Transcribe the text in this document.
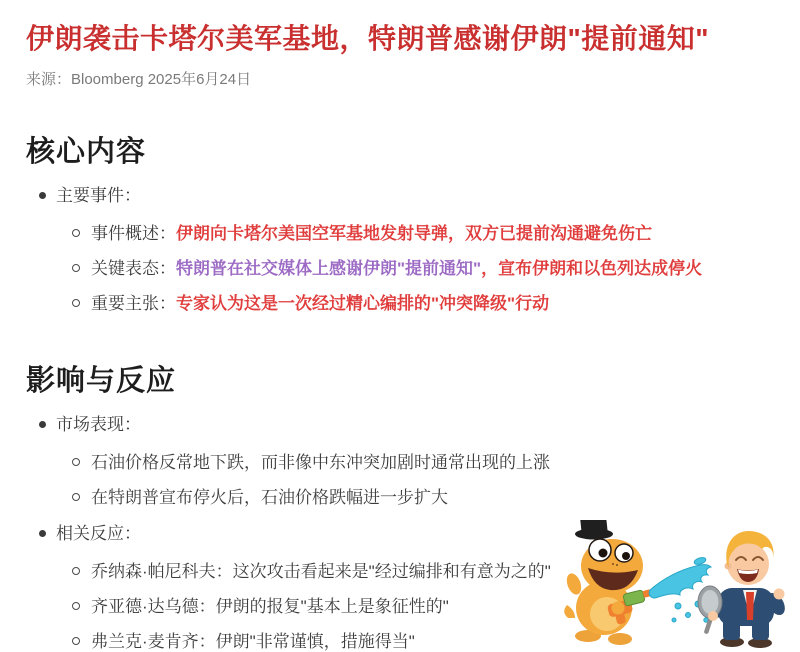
伊朗袭击卡塔尔美军基地，特朗普感谢伊朗"提前通知"

来源：Bloomberg 2025年6月24日

核心内容
主要事件：
事件概述：伊朗向卡塔尔美国空军基地发射导弹，双方已提前沟通避免伤亡
关键表态：特朗普在社交媒体上感谢伊朗"提前通知"，宣布伊朗和以色列达成停火
重要主张：专家认为这是一次经过精心编排的"冲突降级"行动
影响与反应
市场表现：
石油价格反常地下跌，而非像中东冲突加剧时通常出现的上涨
在特朗普宣布停火后，石油价格跌幅进一步扩大
相关反应：
乔纳森·帕尼科夫：这次攻击看起来是"经过编排和有意为之的"
齐亚德·达乌德：伊朗的报复"基本上是象征性的"
弗兰克·麦肯齐：伊朗"非常谨慎，措施得当"
